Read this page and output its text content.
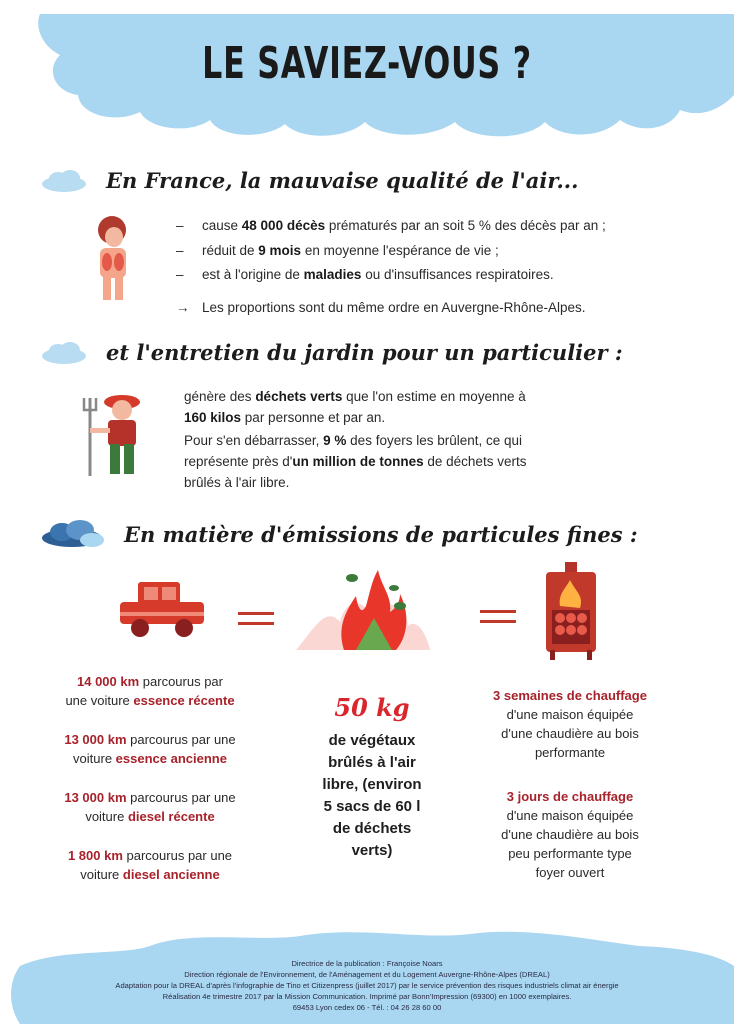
LE SAVIEZ-VOUS ?
En France, la mauvaise qualité de l'air...
– cause 48 000 décès prématurés par an soit 5 % des décès par an ;
– réduit de 9 mois en moyenne l'espérance de vie ;
– est à l'origine de maladies ou d'insuffisances respiratoires.
→ Les proportions sont du même ordre en Auvergne-Rhône-Alpes.
et l'entretien du jardin pour un particulier :
génère des déchets verts que l'on estime en moyenne à
160 kilos par personne et par an.
Pour s'en débarrasser, 9 % des foyers les brûlent, ce qui
représente près d'un million de tonnes de déchets verts
brûlés à l'air libre.
En matière d'émissions de particules fines :
14 000 km parcourus par
une voiture essence récente
13 000 km parcourus par une
voiture essence ancienne
13 000 km parcourus par une
voiture diesel récente
1 800 km parcourus par une
voiture diesel ancienne
50 kg
de végétaux
brûlés à l'air
libre, (environ
5 sacs de 60 l
de déchets
verts)
3 semaines de chauffage
d'une maison équipée
d'une chaudière au bois
performante
3 jours de chauffage
d'une maison équipée
d'une chaudière au bois
peu performante type
foyer ouvert
Directrice de la publication : Françoise Noars
Direction régionale de l'Environnement, de l'Aménagement et du Logement Auvergne-Rhône-Alpes (DREAL)
Adaptation pour la DREAL d'après l'infographie de Tino et Citizenpress (juillet 2017) par le service prévention des risques industriels climat air énergie
Réalisation 4e trimestre 2017 par la Mission Communication. Imprimé par Bonn'Impression (69300) en 1000 exemplaires.
69453 Lyon cedex 06 - Tél. : 04 26 28 60 00
